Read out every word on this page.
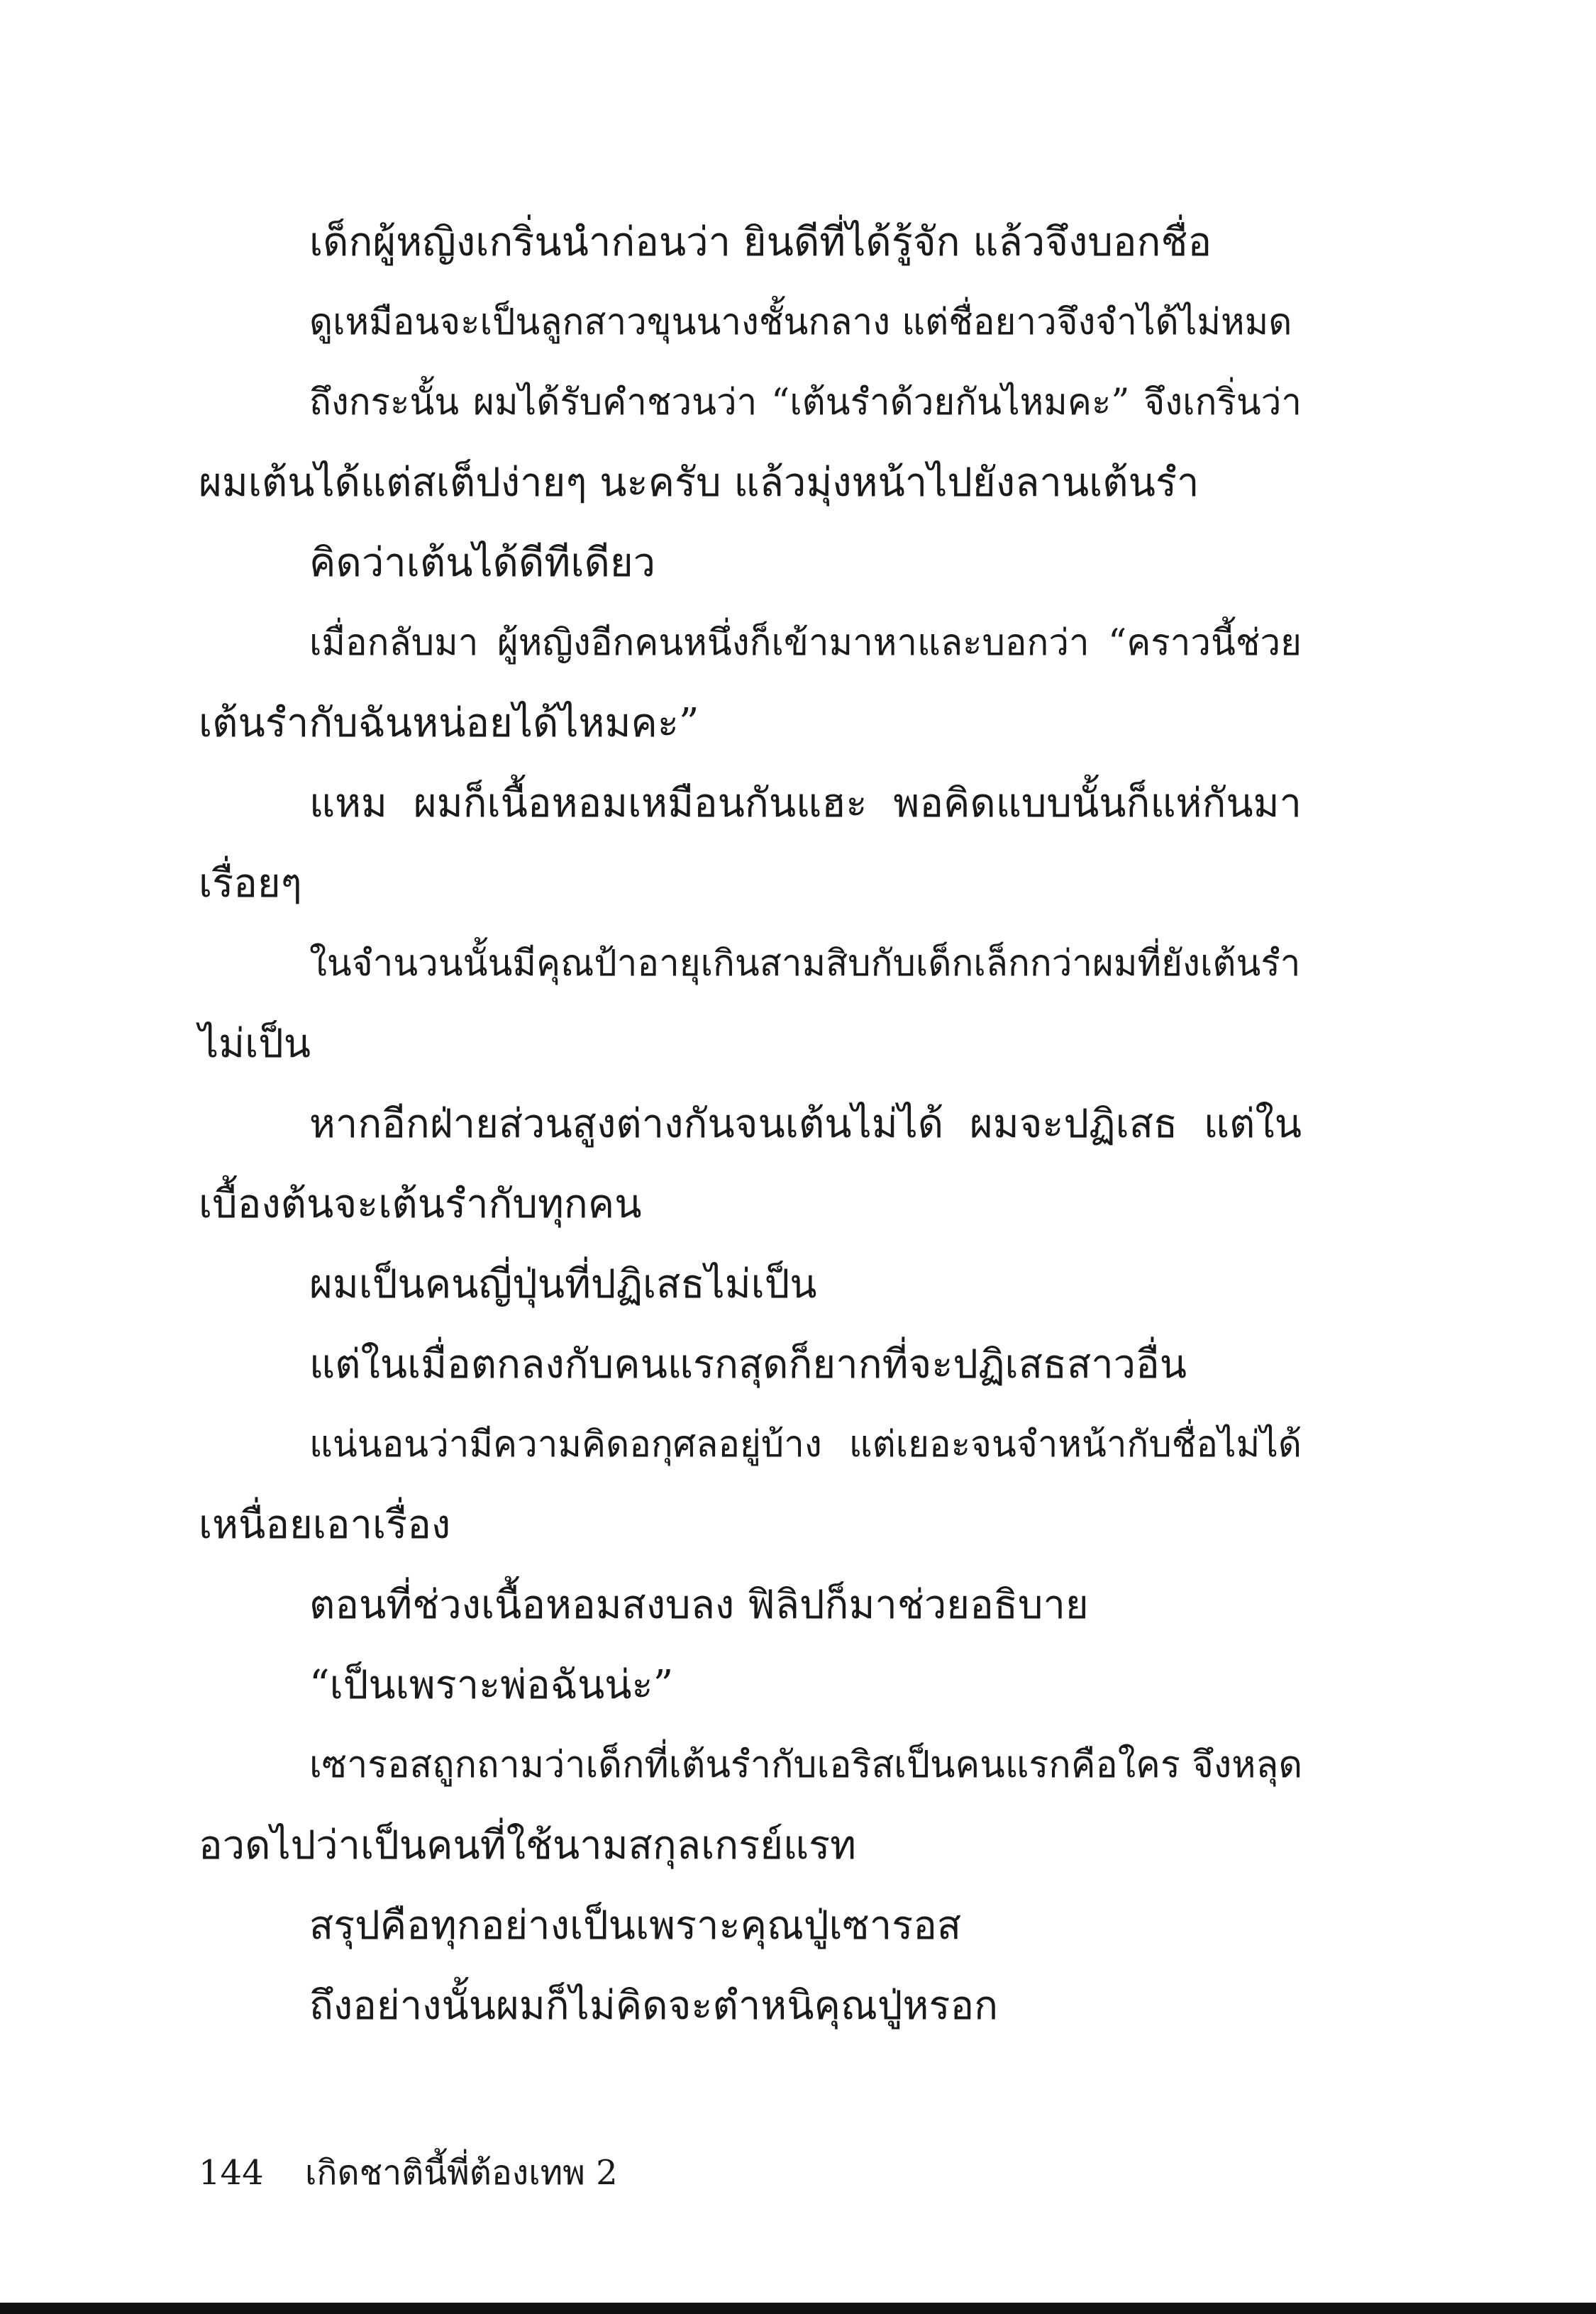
เด็กผู้หญิงเกริ่นนำก่อนว่า ยินดีที่ได้รู้จัก แล้วจึงบอกชื่อ
ดูเหมือนจะเป็นลูกสาวขุนนางชั้นกลาง แต่ชื่อยาวจึงจำได้ไม่หมด
ถึงกระนั้น ผมได้รับคำชวนว่า “เต้นรำด้วยกันไหมคะ” จึงเกริ่นว่า
ผมเต้นได้แต่สเต็ปง่ายๆ นะครับ แล้วมุ่งหน้าไปยังลานเต้นรำ
คิดว่าเต้นได้ดีทีเดียว
เมื่อกลับมา ผู้หญิงอีกคนหนึ่งก็เข้ามาหาและบอกว่า “คราวนี้ช่วย
เต้นรำกับฉันหน่อยได้ไหมคะ”
แหม ผมก็เนื้อหอมเหมือนกันแฮะ พอคิดแบบนั้นก็แห่กันมา
เรื่อยๆ
ในจำนวนนั้นมีคุณป้าอายุเกินสามสิบกับเด็กเล็กกว่าผมที่ยังเต้นรำ
ไม่เป็น
หากอีกฝ่ายส่วนสูงต่างกันจนเต้นไม่ได้ ผมจะปฏิเสธ แต่ใน
เบื้องต้นจะเต้นรำกับทุกคน
ผมเป็นคนญี่ปุ่นที่ปฏิเสธไม่เป็น
แต่ในเมื่อตกลงกับคนแรกสุดก็ยากที่จะปฏิเสธสาวอื่น
แน่นอนว่ามีความคิดอกุศลอยู่บ้าง แต่เยอะจนจำหน้ากับชื่อไม่ได้
เหนื่อยเอาเรื่อง
ตอนที่ช่วงเนื้อหอมสงบลง ฟิลิปก็มาช่วยอธิบาย
“เป็นเพราะพ่อฉันน่ะ”
เซารอสถูกถามว่าเด็กที่เต้นรำกับเอริสเป็นคนแรกคือใคร จึงหลุด
อวดไปว่าเป็นคนที่ใช้นามสกุลเกรย์แรท
สรุปคือทุกอย่างเป็นเพราะคุณปู่เซารอส
ถึงอย่างนั้นผมก็ไม่คิดจะตำหนิคุณปู่หรอก
144 เกิดชาตินี้พี่ต้องเทพ 2
